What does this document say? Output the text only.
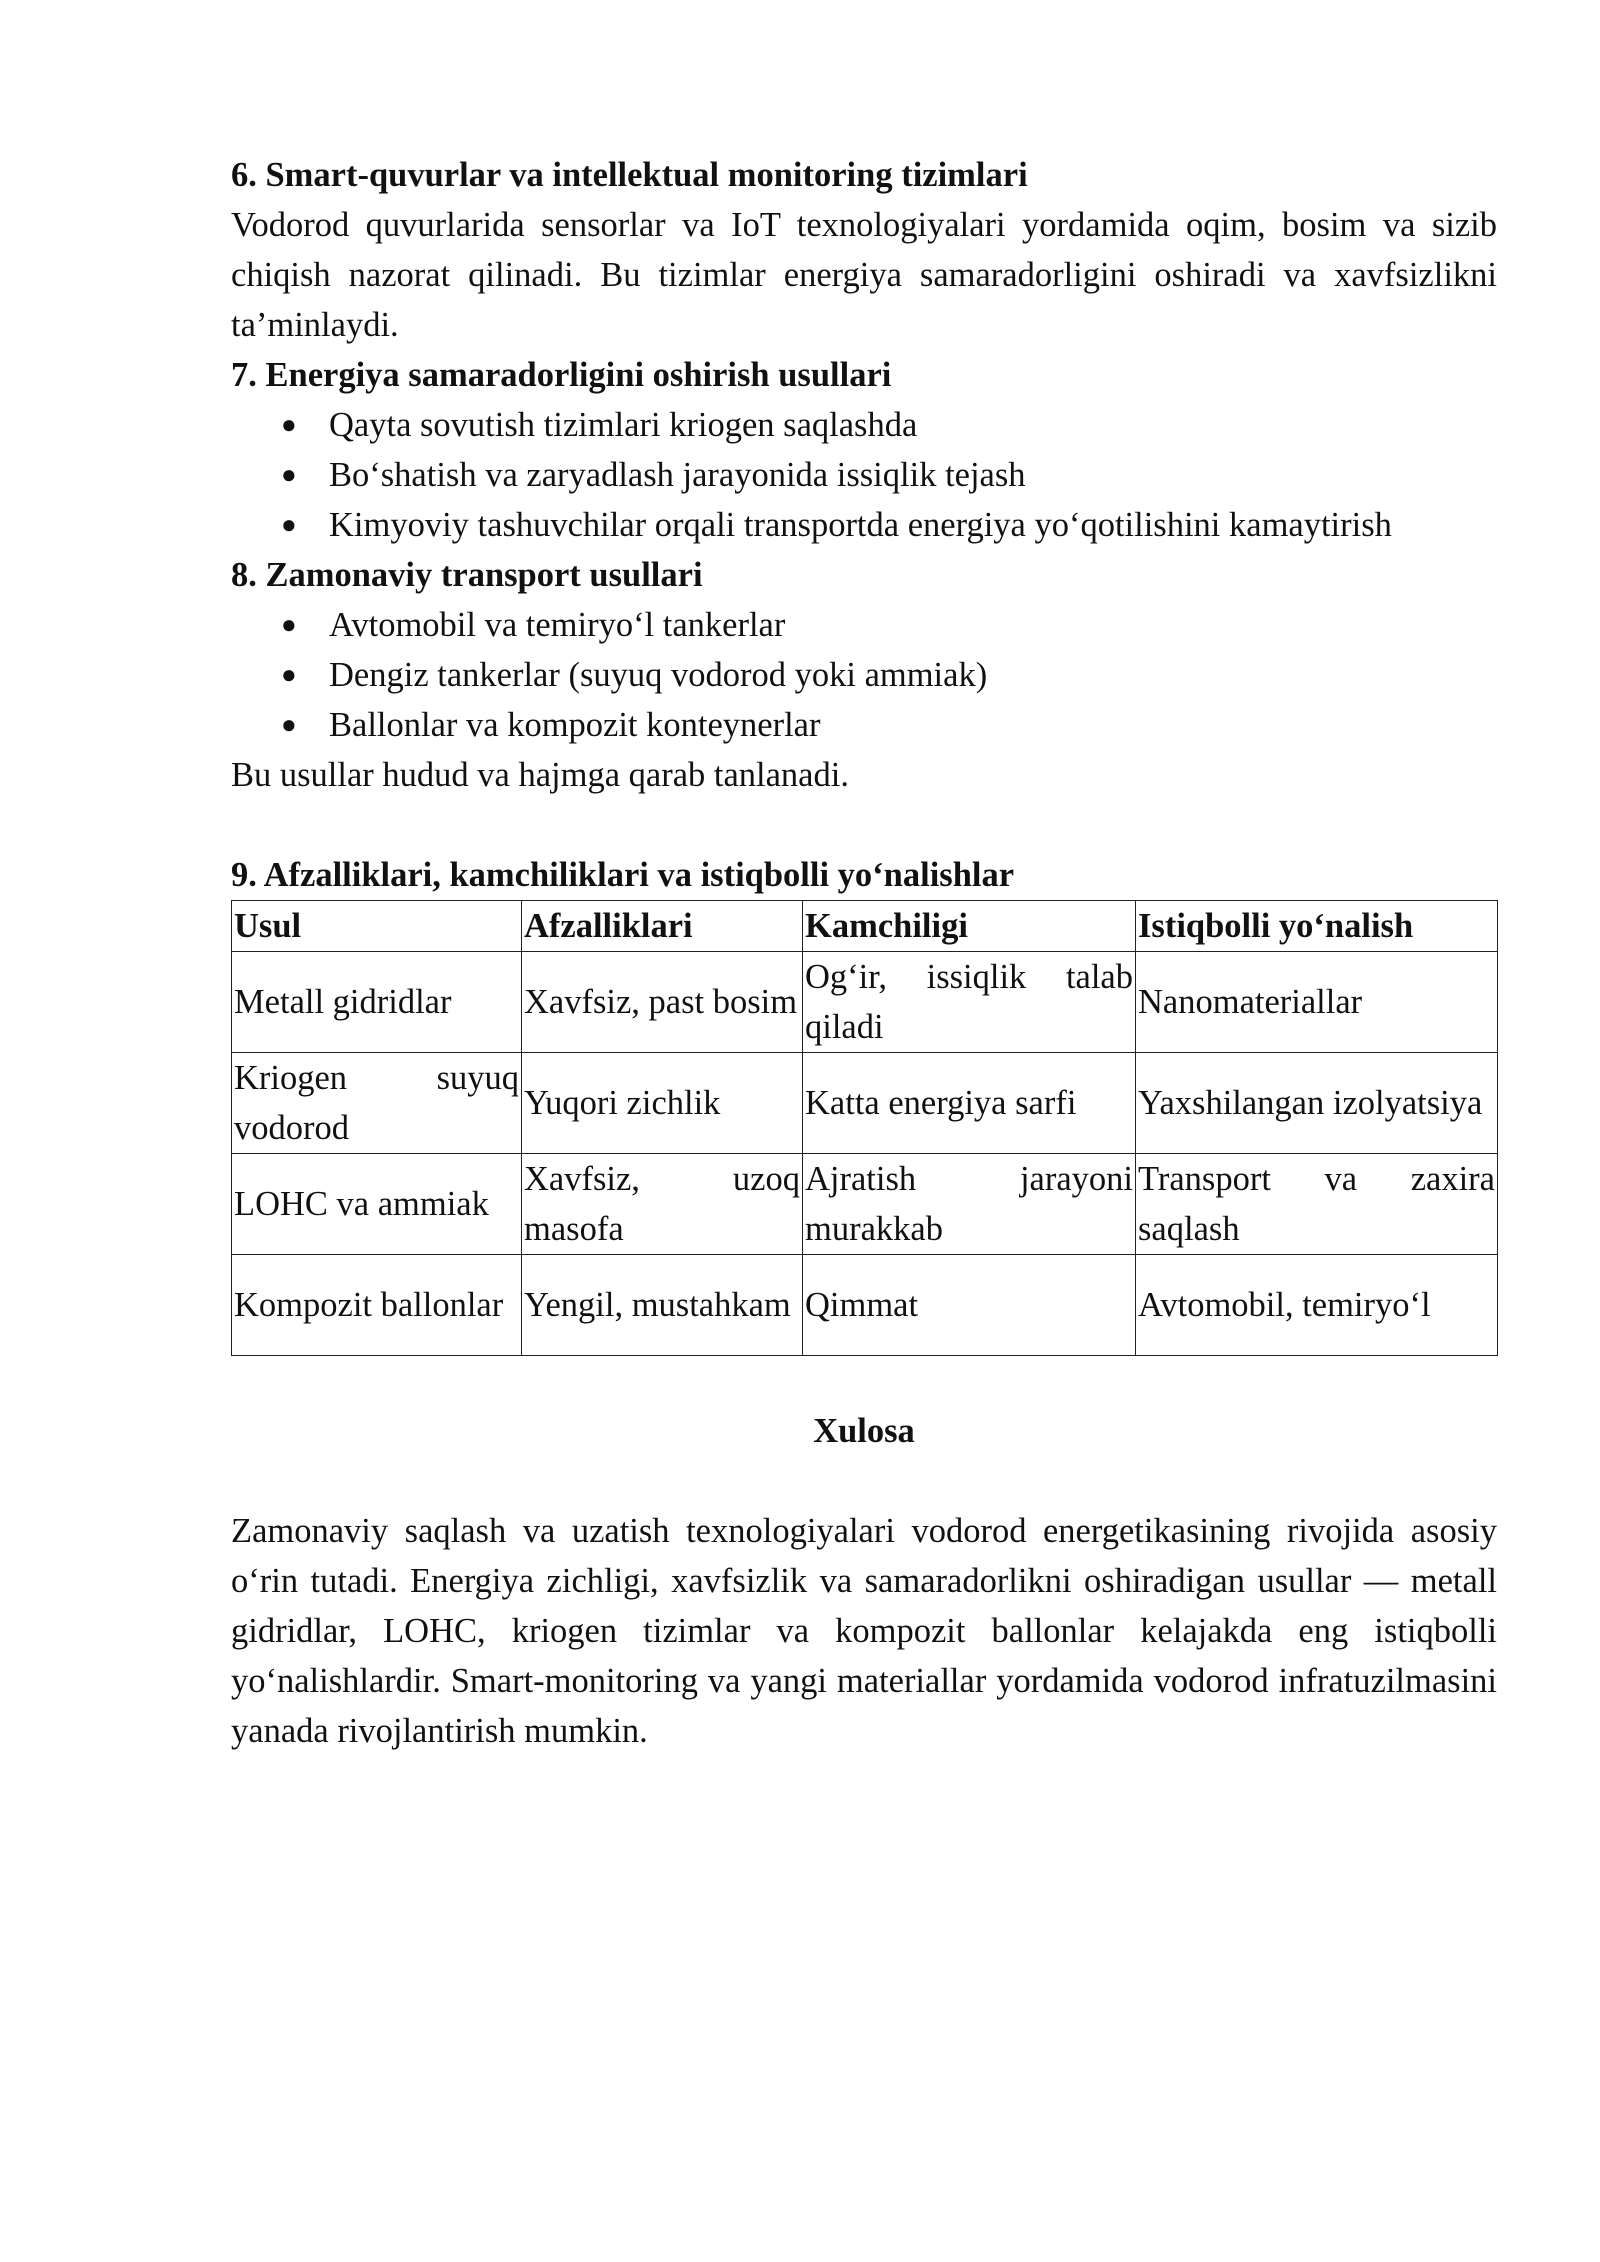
6. Smart-quvurlar va intellektual monitoring tizimlari

Vodorod quvurlarida sensorlar va IoT texnologiyalari yordamida oqim, bosim va sizib chiqish nazorat qilinadi. Bu tizimlar energiya samaradorligini oshiradi va xavfsizlikni ta’minlaydi.

7. Energiya samaradorligini oshirish usullari

● Qayta sovutish tizimlari kriogen saqlashda
● Bo‘shatish va zaryadlash jarayonida issiqlik tejash
● Kimyoviy tashuvchilar orqali transportda energiya yo‘qotilishini kamaytirish

8. Zamonaviy transport usullari

● Avtomobil va temiryo‘l tankerlar
● Dengiz tankerlar (suyuq vodorod yoki ammiak)
● Ballonlar va kompozit konteynerlar

Bu usullar hudud va hajmga qarab tanlanadi.

9. Afzalliklari, kamchiliklari va istiqbolli yo‘nalishlar

Usul	Afzalliklari	Kamchiligi	Istiqbolli yo‘nalish
Metall gidridlar	Xavfsiz, past bosim	Og‘ir, issiqlik talab qiladi	Nanomateriallar
Kriogen suyuq vodorod	Yuqori zichlik	Katta energiya sarfi	Yaxshilangan izolyatsiya
LOHC va ammiak	Xavfsiz, uzoq masofa	Ajratish jarayoni murakkab	Transport va zaxira saqlash
Kompozit ballonlar	Yengil, mustahkam	Qimmat	Avtomobil, temiryo‘l

Xulosa

Zamonaviy saqlash va uzatish texnologiyalari vodorod energetikasining rivojida asosiy o‘rin tutadi. Energiya zichligi, xavfsizlik va samaradorlikni oshiradigan usullar — metall gidridlar, LOHC, kriogen tizimlar va kompozit ballonlar kelajakda eng istiqbolli yo‘nalishlardir. Smart-monitoring va yangi materiallar yordamida vodorod infratuzilmasini yanada rivojlantirish mumkin.
